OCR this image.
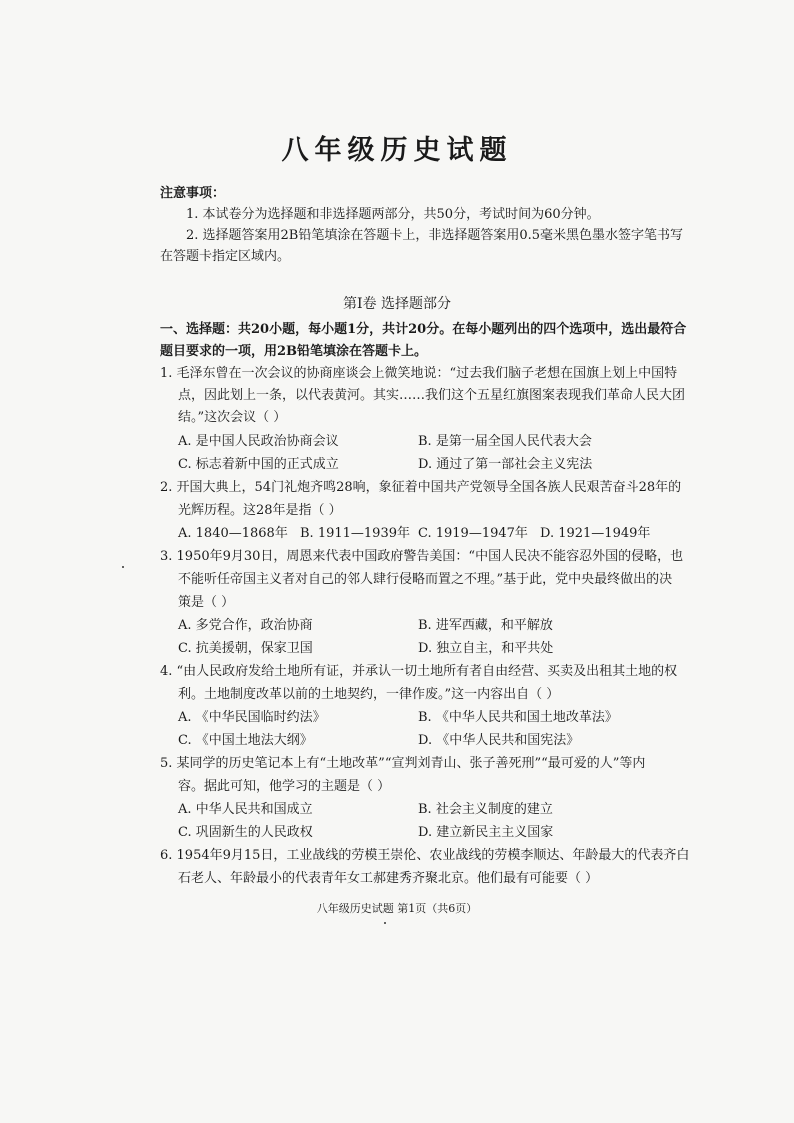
八年级历史试题
注意事项：
1. 本试卷分为选择题和非选择题两部分，共50分，考试时间为60分钟。
2. 选择题答案用2B铅笔填涂在答题卡上，非选择题答案用0.5毫米黑色墨水签字笔书写
在答题卡指定区域内。
第Ⅰ卷 选择题部分
一、选择题：共20小题，每小题1分，共计20分。在每小题列出的四个选项中，选出最符合
题目要求的一项，用2B铅笔填涂在答题卡上。
1. 毛泽东曾在一次会议的协商座谈会上微笑地说：“过去我们脑子老想在国旗上划上中国特
点，因此划上一条，以代表黄河。其实……我们这个五星红旗图案表现我们革命人民大团
结。”这次会议（ ）
A. 是中国人民政治协商会议	B. 是第一届全国人民代表大会
C. 标志着新中国的正式成立	D. 通过了第一部社会主义宪法
2. 开国大典上，54门礼炮齐鸣28响，象征着中国共产党领导全国各族人民艰苦奋斗28年的
光辉历程。这28年是指（ ）
A. 1840—1868年 B. 1911—1939年 C. 1919—1947年 D. 1921—1949年
3. 1950年9月30日，周恩来代表中国政府警告美国：“中国人民决不能容忍外国的侵略，也
不能听任帝国主义者对自己的邻人肆行侵略而置之不理。”基于此，党中央最终做出的决
策是（ ）
A. 多党合作，政治协商	B. 进军西藏，和平解放
C. 抗美援朝，保家卫国	D. 独立自主，和平共处
4. “由人民政府发给土地所有证，并承认一切土地所有者自由经营、买卖及出租其土地的权
利。土地制度改革以前的土地契约，一律作废。”这一内容出自（ ）
A. 《中华民国临时约法》	B. 《中华人民共和国土地改革法》
C. 《中国土地法大纲》	D. 《中华人民共和国宪法》
5. 某同学的历史笔记本上有“土地改革”“宣判刘青山、张子善死刑”“最可爱的人”等内
容。据此可知，他学习的主题是（ ）
A. 中华人民共和国成立	B. 社会主义制度的建立
C. 巩固新生的人民政权	D. 建立新民主主义国家
6. 1954年9月15日，工业战线的劳模王崇伦、农业战线的劳模李顺达、年龄最大的代表齐白
石老人、年龄最小的代表青年女工郝建秀齐聚北京。他们最有可能要（ ）
八年级历史试题 第1页（共6页）
